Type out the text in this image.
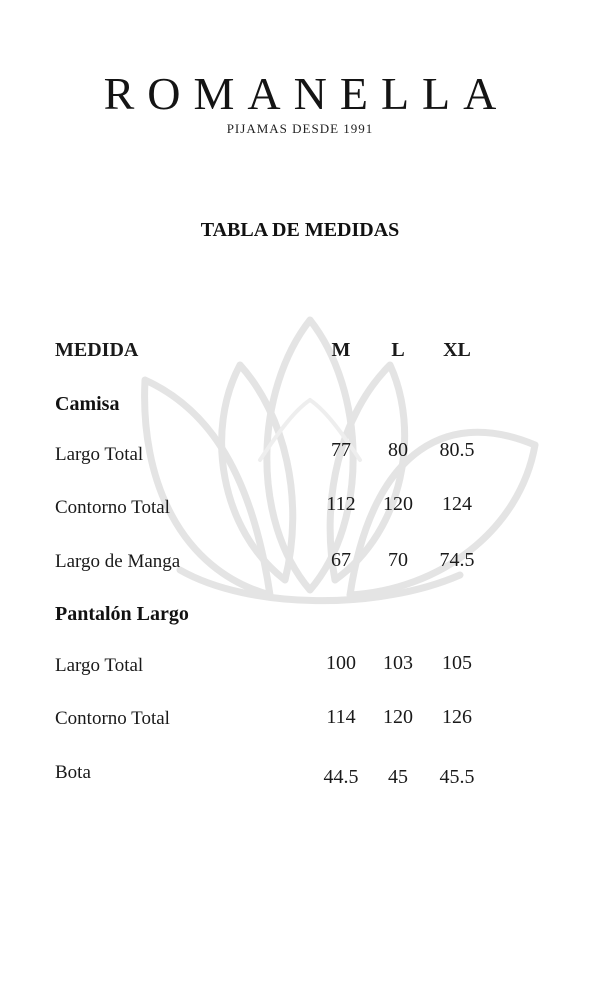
ROMANELLA
PIJAMAS DESDE 1991
TABLA DE MEDIDAS
MEDIDA	M	L	XL
Camisa
Largo Total	77	80	80.5
Contorno Total	112	120	124
Largo de Manga	67	70	74.5
Pantalón Largo
Largo Total	100	103	105
Contorno Total	114	120	126
Bota	44.5	45	45.5
